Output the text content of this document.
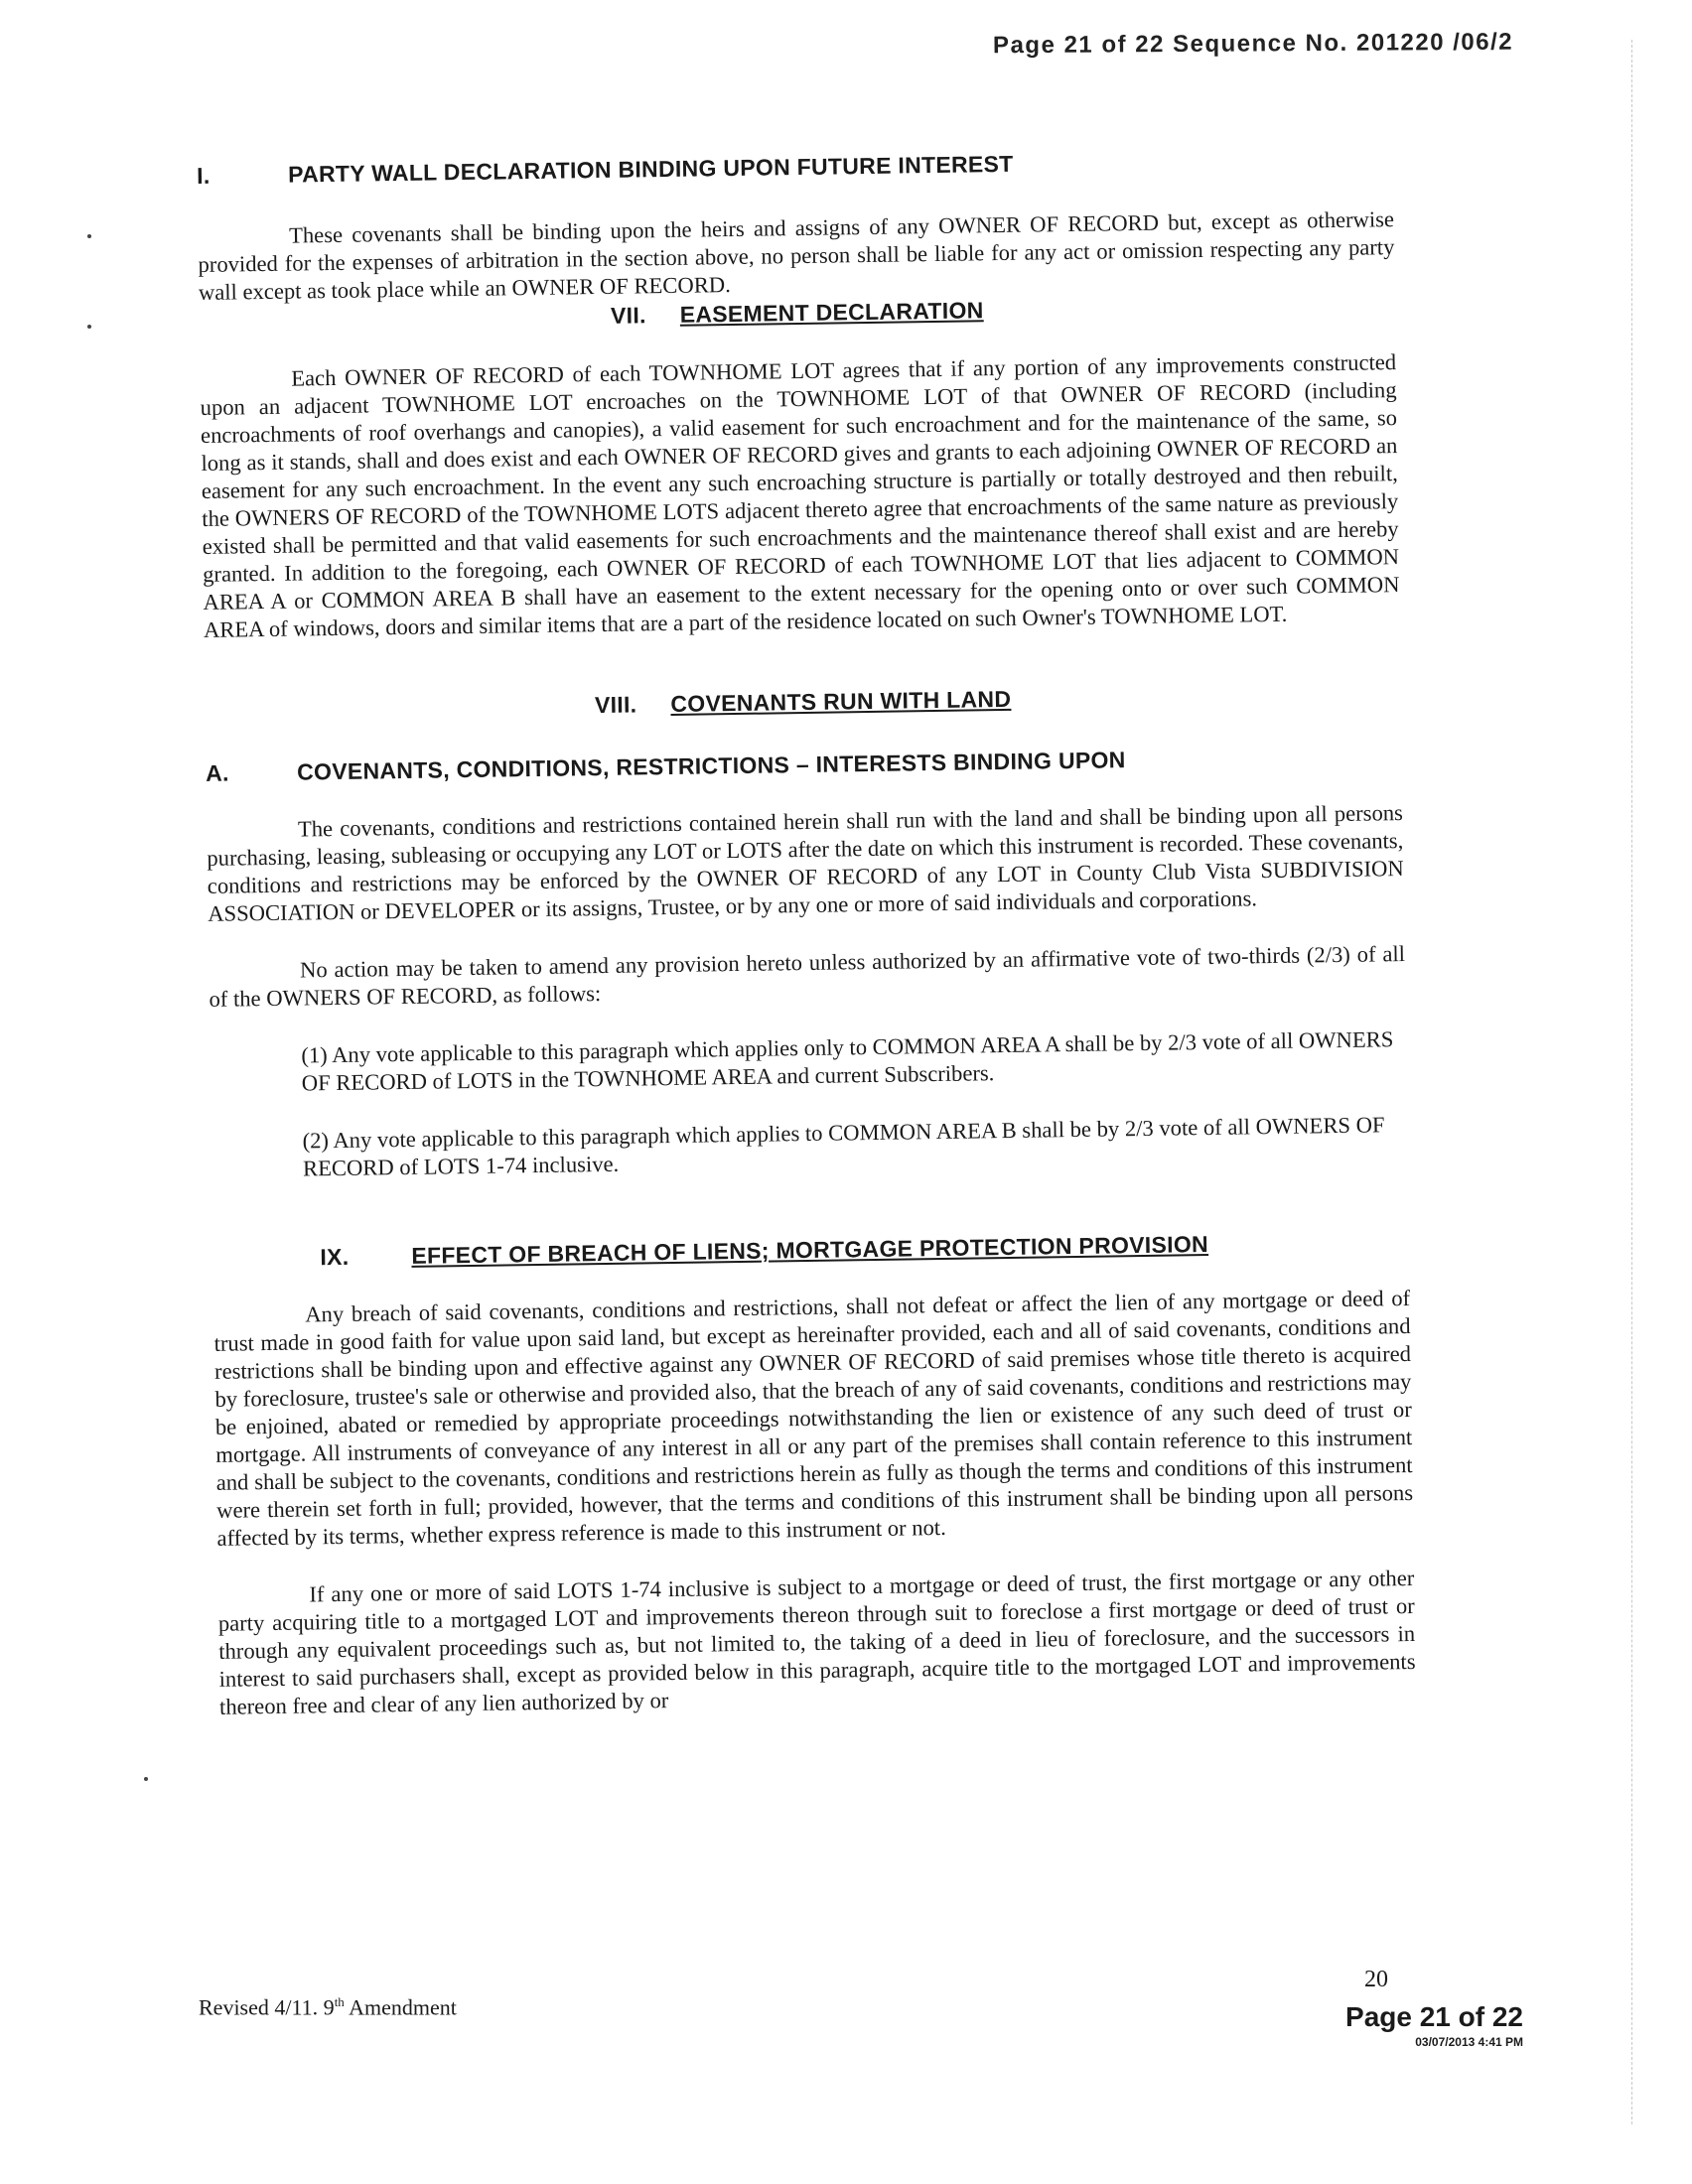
Page 21 of 22 Sequence No. 201220 /06/2
I.	PARTY WALL DECLARATION BINDING UPON FUTURE INTEREST

These covenants shall be binding upon the heirs and assigns of any OWNER OF RECORD but, except as otherwise provided for the expenses of arbitration in the section above, no person shall be liable for any act or omission respecting any party wall except as took place while an OWNER OF RECORD.

VII. EASEMENT DECLARATION

Each OWNER OF RECORD of each TOWNHOME LOT agrees that if any portion of any improvements constructed upon an adjacent TOWNHOME LOT encroaches on the TOWNHOME LOT of that OWNER OF RECORD (including encroachments of roof overhangs and canopies), a valid easement for such encroachment and for the maintenance of the same, so long as it stands, shall and does exist and each OWNER OF RECORD gives and grants to each adjoining OWNER OF RECORD an easement for any such encroachment. In the event any such encroaching structure is partially or totally destroyed and then rebuilt, the OWNERS OF RECORD of the TOWNHOME LOTS adjacent thereto agree that encroachments of the same nature as previously existed shall be permitted and that valid easements for such encroachments and the maintenance thereof shall exist and are hereby granted. In addition to the foregoing, each OWNER OF RECORD of each TOWNHOME LOT that lies adjacent to COMMON AREA A or COMMON AREA B shall have an easement to the extent necessary for the opening onto or over such COMMON AREA of windows, doors and similar items that are a part of the residence located on such Owner's TOWNHOME LOT.

VIII. COVENANTS RUN WITH LAND
A.	COVENANTS, CONDITIONS, RESTRICTIONS – INTERESTS BINDING UPON

The covenants, conditions and restrictions contained herein shall run with the land and shall be binding upon all persons purchasing, leasing, subleasing or occupying any LOT or LOTS after the date on which this instrument is recorded. These covenants, conditions and restrictions may be enforced by the OWNER OF RECORD of any LOT in County Club Vista SUBDIVISION ASSOCIATION or DEVELOPER or its assigns, Trustee, or by any one or more of said individuals and corporations.

No action may be taken to amend any provision hereto unless authorized by an affirmative vote of two-thirds (2/3) of all of the OWNERS OF RECORD, as follows:

(1) Any vote applicable to this paragraph which applies only to COMMON AREA A shall be by 2/3 vote of all OWNERS OF RECORD of LOTS in the TOWNHOME AREA and current Subscribers.

(2) Any vote applicable to this paragraph which applies to COMMON AREA B shall be by 2/3 vote of all OWNERS OF RECORD of LOTS 1-74 inclusive.

IX.	EFFECT OF BREACH OF LIENS; MORTGAGE PROTECTION PROVISION

Any breach of said covenants, conditions and restrictions, shall not defeat or affect the lien of any mortgage or deed of trust made in good faith for value upon said land, but except as hereinafter provided, each and all of said covenants, conditions and restrictions shall be binding upon and effective against any OWNER OF RECORD of said premises whose title thereto is acquired by foreclosure, trustee's sale or otherwise and provided also, that the breach of any of said covenants, conditions and restrictions may be enjoined, abated or remedied by appropriate proceedings notwithstanding the lien or existence of any such deed of trust or mortgage. All instruments of conveyance of any interest in all or any part of the premises shall contain reference to this instrument and shall be subject to the covenants, conditions and restrictions herein as fully as though the terms and conditions of this instrument were therein set forth in full; provided, however, that the terms and conditions of this instrument shall be binding upon all persons affected by its terms, whether express reference is made to this instrument or not.

If any one or more of said LOTS 1-74 inclusive is subject to a mortgage or deed of trust, the first mortgage or any other party acquiring title to a mortgaged LOT and improvements thereon through suit to foreclose a first mortgage or deed of trust or through any equivalent proceedings such as, but not limited to, the taking of a deed in lieu of foreclosure, and the successors in interest to said purchasers shall, except as provided below in this paragraph, acquire title to the mortgaged LOT and improvements thereon free and clear of any lien authorized by or

Revised 4/11. 9th Amendment
20
Page 21 of 22
03/07/2013 4:41 PM
